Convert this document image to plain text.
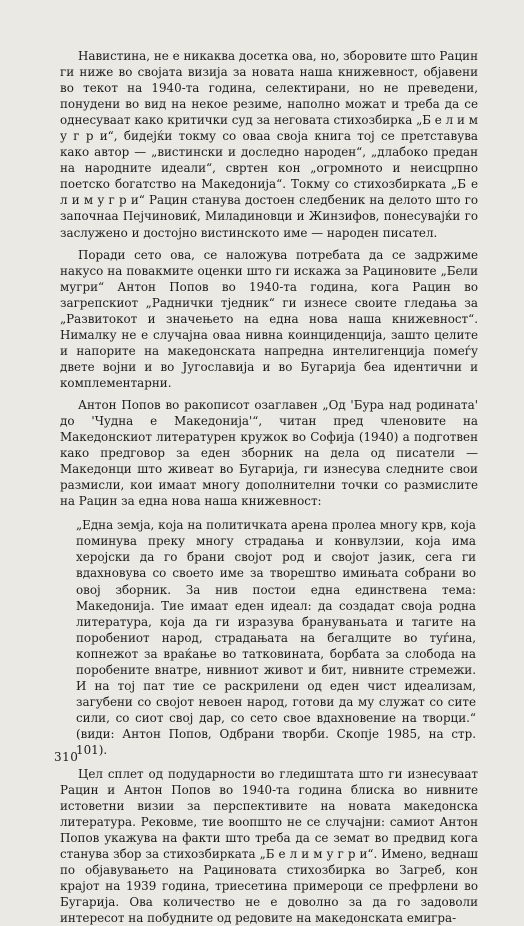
Навистина, не е никаква досетка ова, но, зборовите што Рацин ги ниже во својата визија за новата наша книжевност, објавени во текот на 1940-та година, селектирани, но не преведени, понудени во вид на некое резиме, наполно можат и треба да се однесуваат како критички суд за неговата стихозбирка „Б е л и м у г р и“, бидејќи токму со оваа своја книга тој се претставува како автор — „вистински и доследно народен“, „длабоко предан на народните идеали“, свртен кон „огромното и неисцрпно поетско богатство на Македонија“. Токму со стихозбирката „Б е л и м у г р и“ Рацин станува достоен следбеник на делото што го започнаа Пејчиновиќ, Миладиновци и Жинзифов, понесувајќи го заслужено и достојно вистинското име — народен писател.

Поради сето ова, се наложува потребата да се задржиме накусо на повакмите оценки што ги искажа за Рациновите „Бели мугри“ Антон Попов во 1940-та година, кога Рацин во загрепскиот „Раднички тједник“ ги изнесе своите гледања за „Развитокот и значењето на една нова наша книжевност“. Нималку не е случајна оваа нивна коинциденција, зашто целите и напорите на македонската напредна интелигенција помеѓу двете војни и во Југославија и во Бугарија беа идентични и комплементарни.

Антон Попов во ракописот озаглавен „Од 'Бура над родината' до 'Чудна е Македонија'“, читан пред членовите на Македонскиот литературен кружок во Софија (1940) а подготвен како предговор за еден зборник на дела од писатели — Македонци што живеат во Бугарија, ги изнесува следните свои размисли, кои имаат многу дополнителни точки со размислите на Рацин за една нова наша книжевност:

„Една земја, која на политичката арена пролеа многу крв, која поминува преку многу страдања и конвулзии, која има херојски да го брани својот род и својот јазик, сега ги вдахновува со своето име за творештво имињата собрани во овој зборник. За нив постои една единствена тема: Македонија. Тие имаат еден идеал: да создадат своја родна литература, која да ги изразува брануваньата и тагите на поробениот народ, страдањата на бегалците во туѓина, копнежот за враќање во татковината, борбата за слобода на поробените внатре, нивниот живот и бит, нивните стремежи. И на тој пат тие се раскрилени од еден чист идеализам, загубени со својот невоен народ, готови да му служат со сите сили, со сиот свој дар, со сето свое вдахновение на творци.“ (види: Антон Попов, Одбрани творби. Скопје 1985, на стр. 101).

Цел сплет од подударности во гледиштата што ги изнесуваат Рацин и Антон Попов во 1940-та година блиска во нивните истоветни визии за перспективите на новата македонска литература. Рековме, тие воопшто не се случајни: самиот Антон Попов укажува на факти што треба да се земат во предвид кога станува збор за стихозбирката „Б е л и м у г р и“. Имено, веднаш по објавувањето на Рацинoвата стихозбирка во Загреб, кон крајот на 1939 година, триесетина примероци се префрлени во Бугарија. Ова количество не е доволно за да го задоволи интересот на побудните од редовите на македонската емигра-

310
